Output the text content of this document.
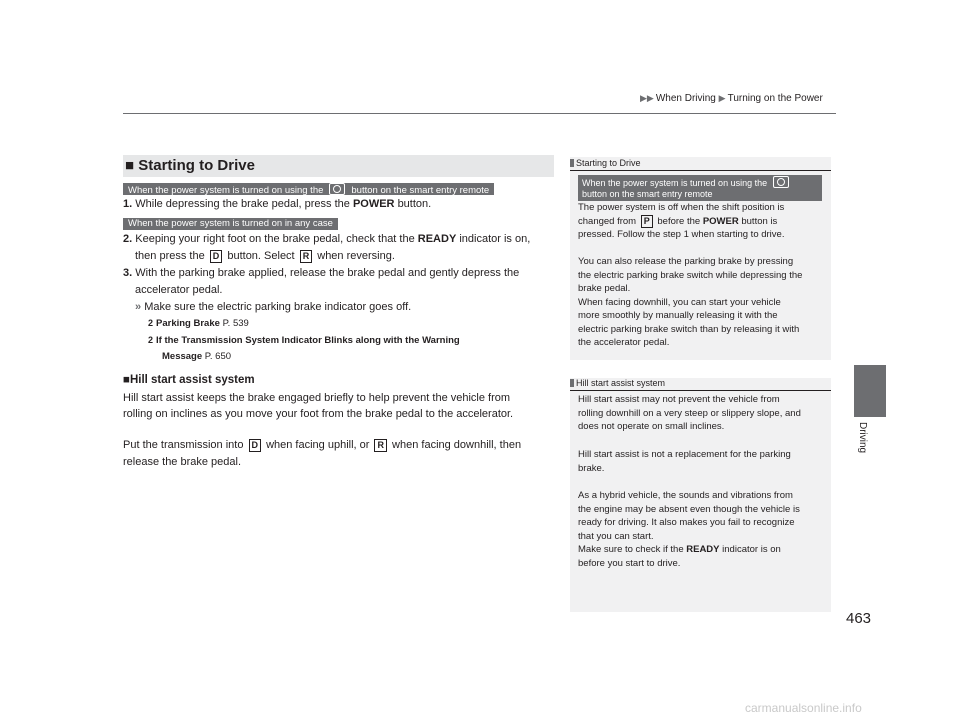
▶▶ When Driving ▶ Turning on the Power
Driving
463
■ Starting to Drive
When the power system is turned on using the	button on the smart entry remote
1. While depressing the brake pedal, press the POWER button.
When the power system is turned on in any case
2. Keeping your right foot on the brake pedal, check that the READY indicator is on,
then press the D button. Select R when reversing.
3. With the parking brake applied, release the brake pedal and gently depress the
accelerator pedal.
» Make sure the electric parking brake indicator goes off.
2 Parking Brake P. 539
2 If the Transmission System Indicator Blinks along with the Warning
Message P. 650
■Hill start assist system
Hill start assist keeps the brake engaged briefly to help prevent the vehicle from
rolling on inclines as you move your foot from the brake pedal to the accelerator.
Put the transmission into D when facing uphill, or R when facing downhill, then
release the brake pedal.
Starting to Drive
When the power system is turned on using the
button on the smart entry remote
The power system is off when the shift position is
changed from P before the POWER button is
pressed. Follow the step 1 when starting to drive.
You can also release the parking brake by pressing
the electric parking brake switch while depressing the
brake pedal.
When facing downhill, you can start your vehicle
more smoothly by manually releasing it with the
electric parking brake switch than by releasing it with
the accelerator pedal.
Hill start assist system
Hill start assist may not prevent the vehicle from
rolling downhill on a very steep or slippery slope, and
does not operate on small inclines.
Hill start assist is not a replacement for the parking
brake.
As a hybrid vehicle, the sounds and vibrations from
the engine may be absent even though the vehicle is
ready for driving. It also makes you fail to recognize
that you can start.
Make sure to check if the READY indicator is on
before you start to drive.
carmanualsonline.info
